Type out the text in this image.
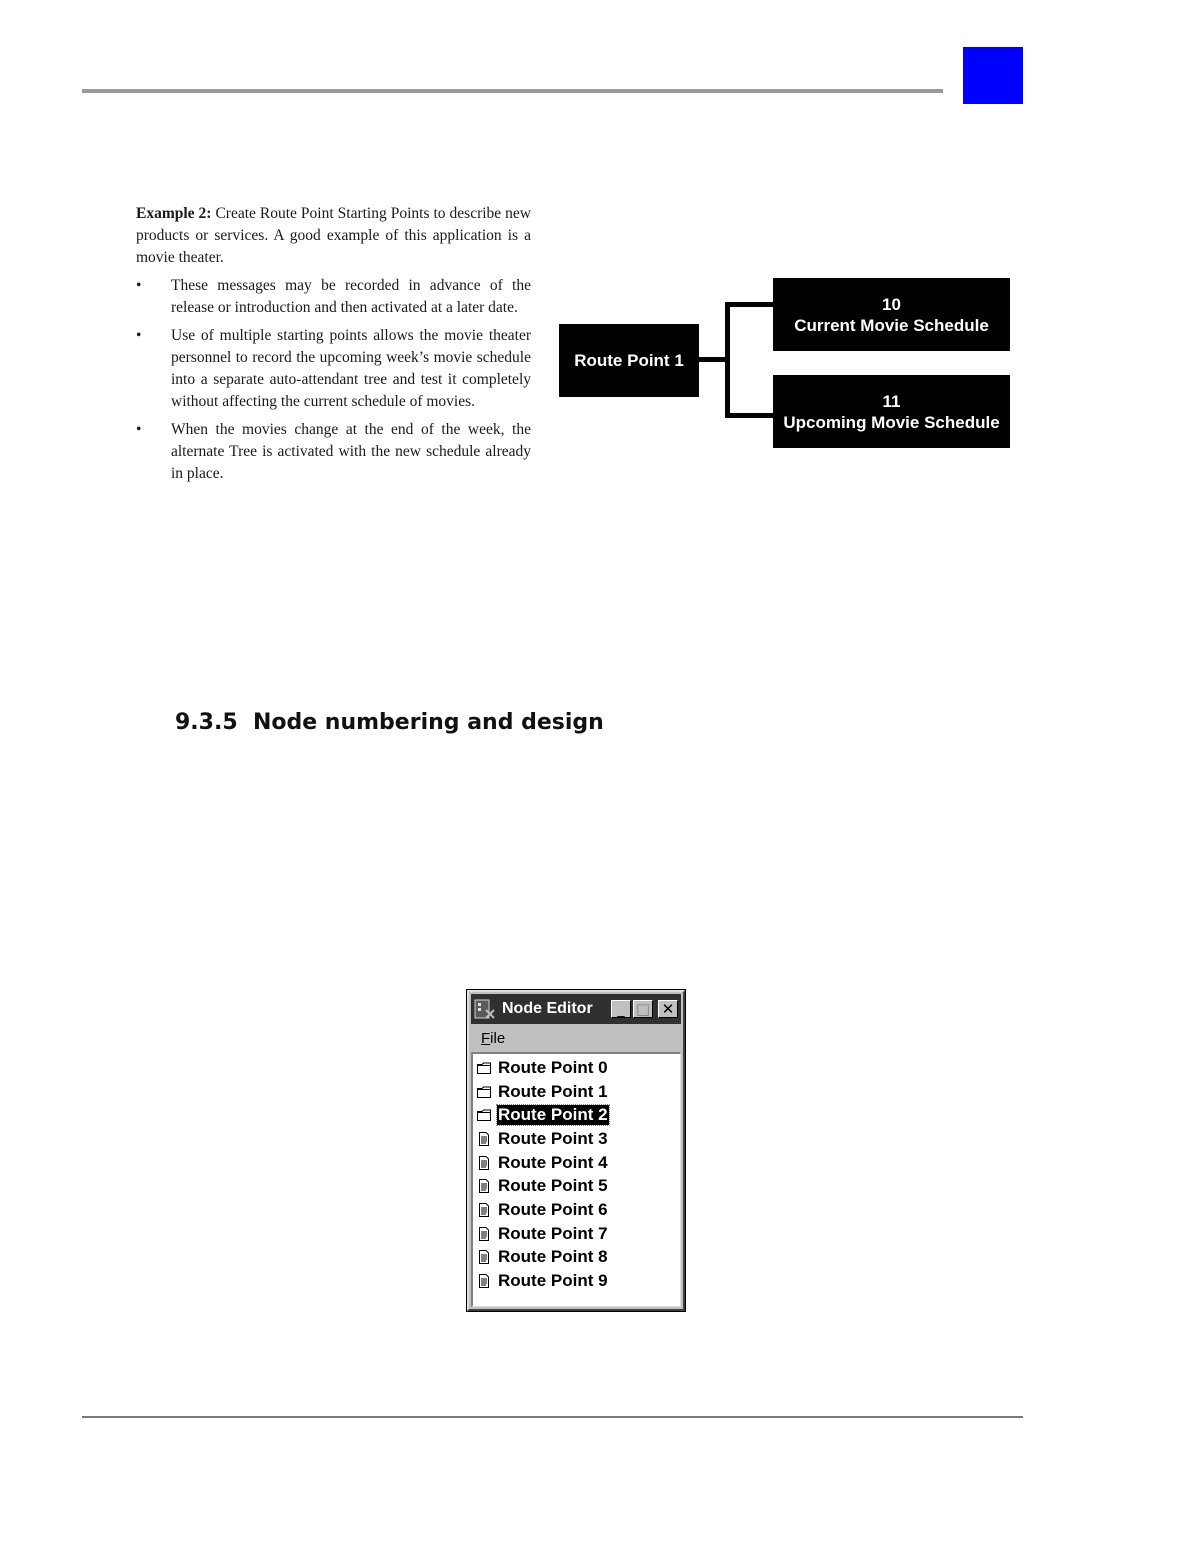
Example 2: Create Route Point Starting Points to describe new products or services. A good example of this application is a movie theater.

• These messages may be recorded in advance of the release or introduction and then activated at a later date.
• Use of multiple starting points allows the movie theater personnel to record the upcoming week’s movie schedule into a separate auto-attendant tree and test it completely without affecting the current schedule of movies.
• When the movies change at the end of the week, the alternate Tree is activated with the new schedule already in place.
Route Point 1
10
Current Movie Schedule
11
Upcoming Movie Schedule
9.3.5  Node numbering and design
Node Editor	_ □ ✕
File
Route Point 0
Route Point 1
Route Point 2
Route Point 3
Route Point 4
Route Point 5
Route Point 6
Route Point 7
Route Point 8
Route Point 9
